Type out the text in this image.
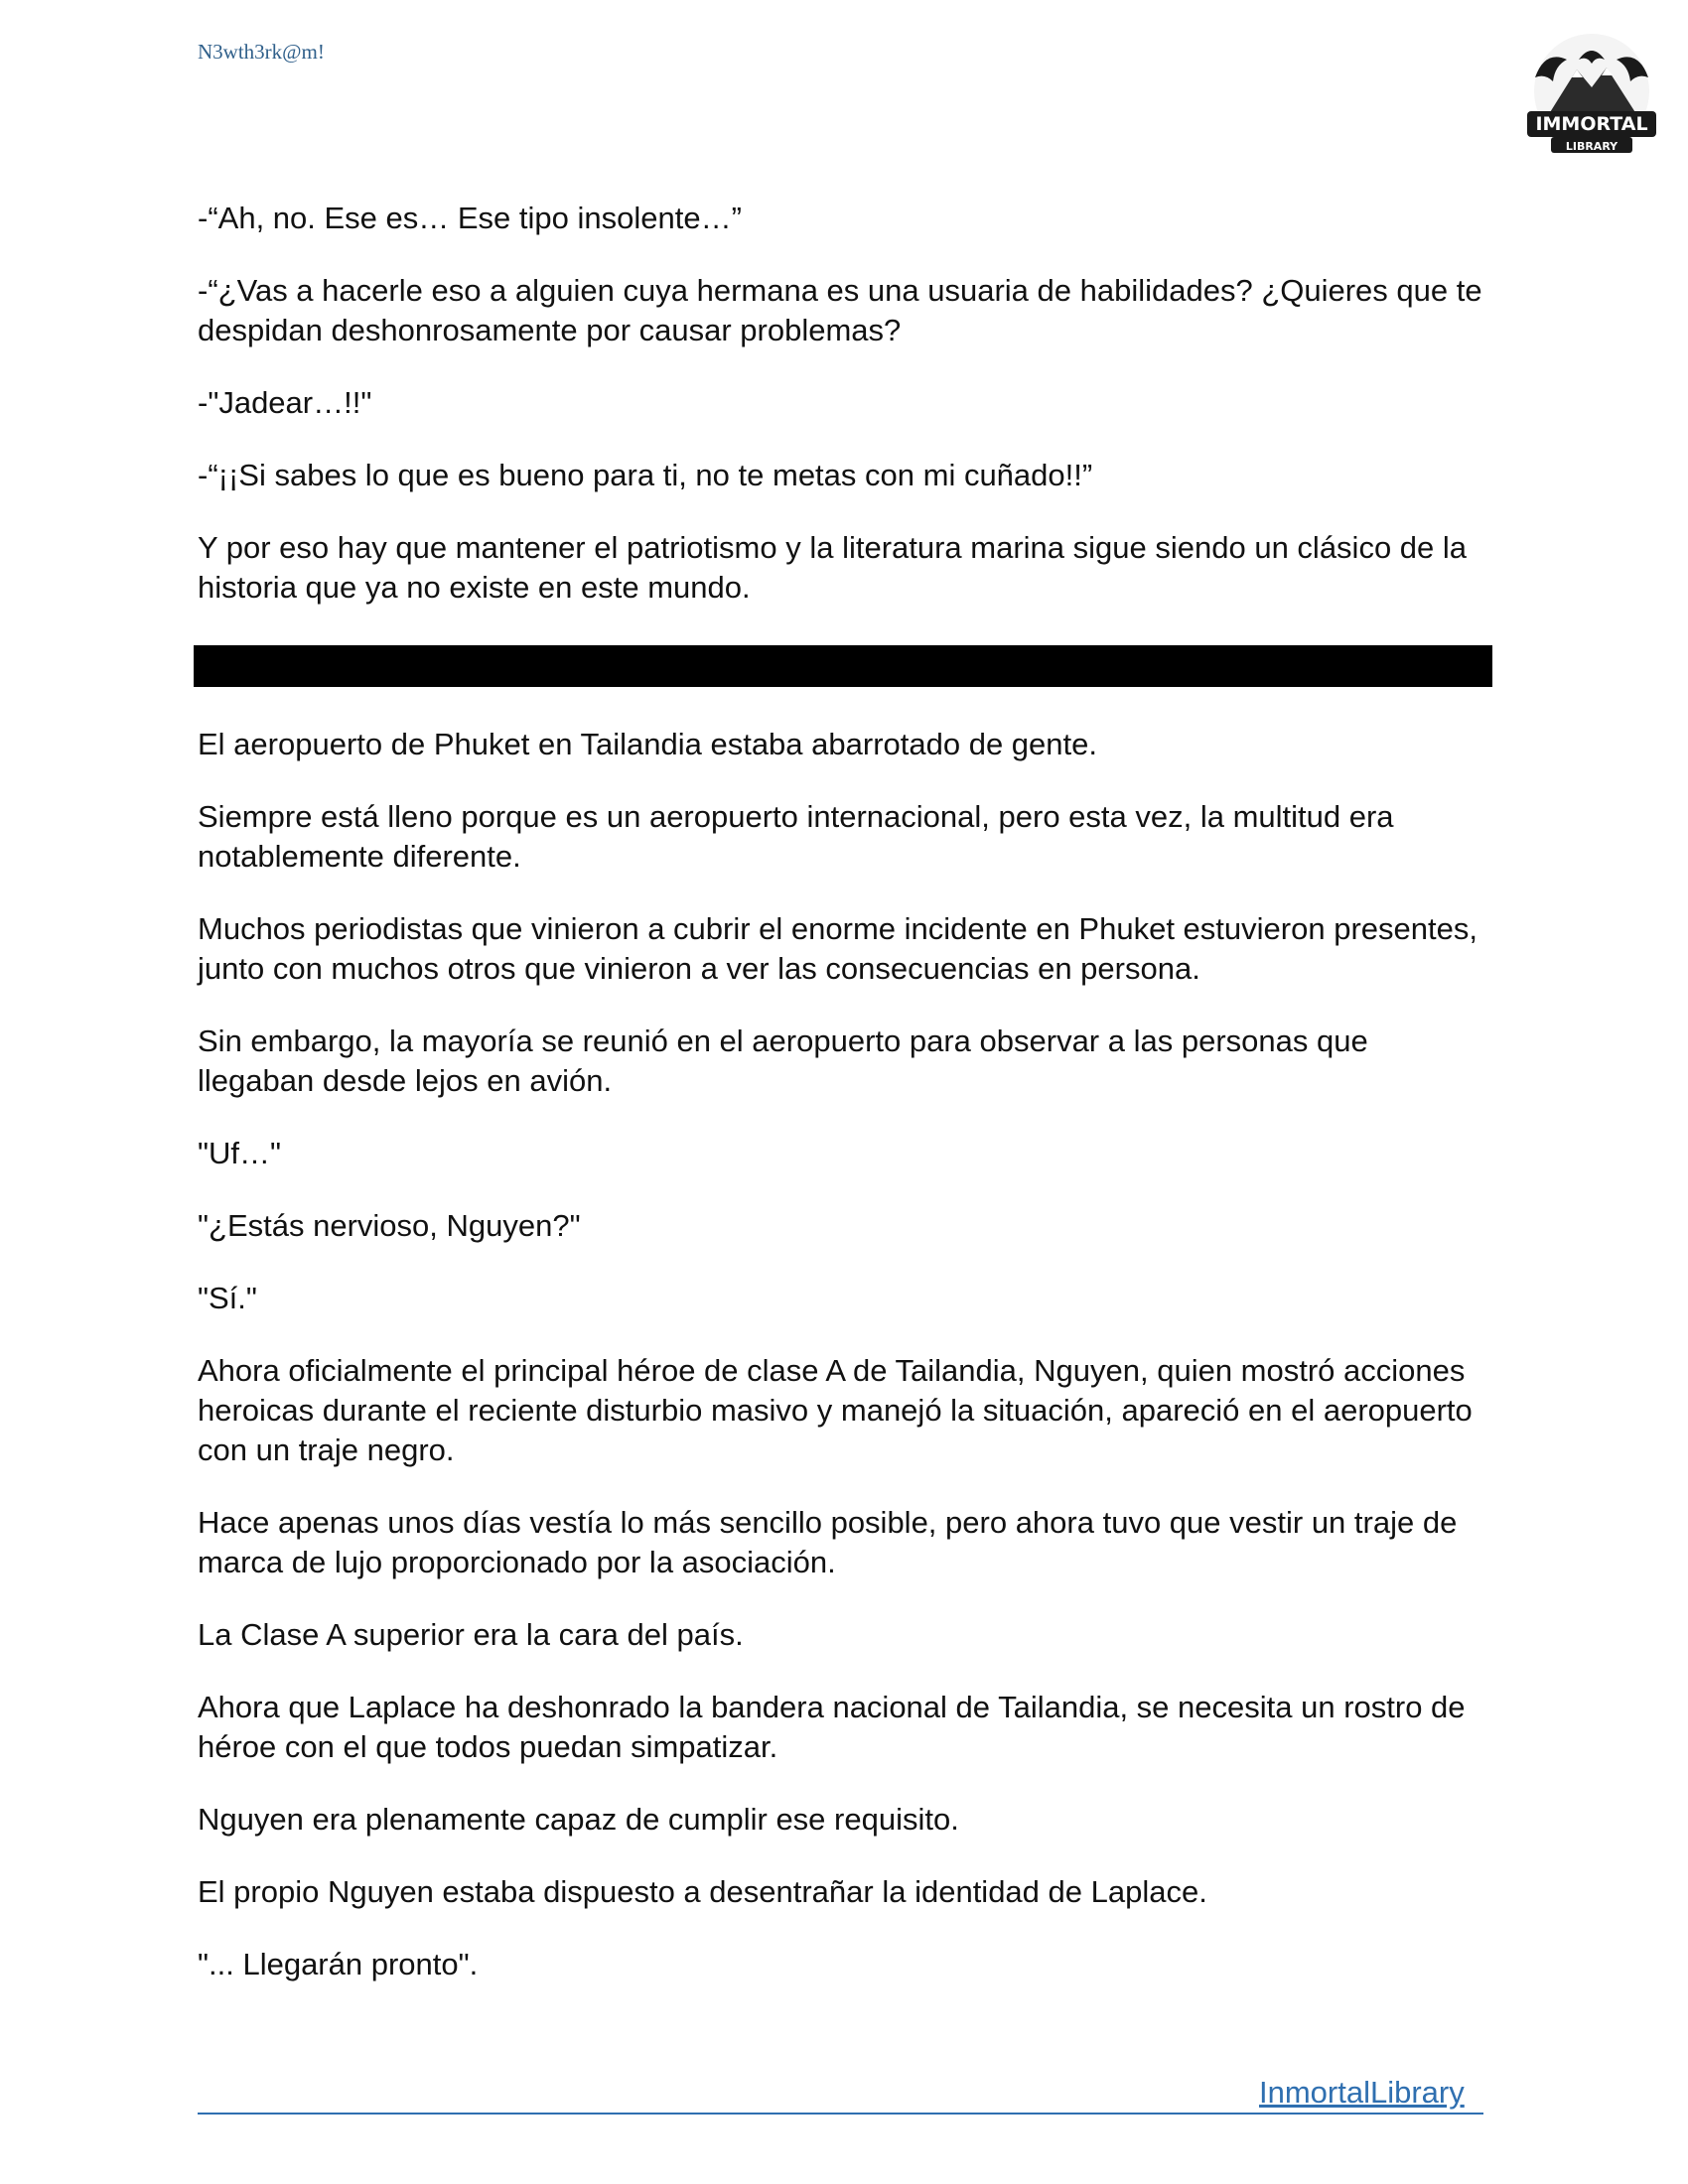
N3wth3rk@m!
IMMORTAL
LIBRARY

-“Ah, no. Ese es… Ese tipo insolente…”

-“¿Vas a hacerle eso a alguien cuya hermana es una usuaria de habilidades? ¿Quieres que te despidan deshonrosamente por causar problemas?

-"Jadear…!!"

-“¡¡Si sabes lo que es bueno para ti, no te metas con mi cuñado!!”

Y por eso hay que mantener el patriotismo y la literatura marina sigue siendo un clásico de la historia que ya no existe en este mundo.

El aeropuerto de Phuket en Tailandia estaba abarrotado de gente.

Siempre está lleno porque es un aeropuerto internacional, pero esta vez, la multitud era notablemente diferente.

Muchos periodistas que vinieron a cubrir el enorme incidente en Phuket estuvieron presentes, junto con muchos otros que vinieron a ver las consecuencias en persona.

Sin embargo, la mayoría se reunió en el aeropuerto para observar a las personas que llegaban desde lejos en avión.

"Uf…"

"¿Estás nervioso, Nguyen?"

"Sí."

Ahora oficialmente el principal héroe de clase A de Tailandia, Nguyen, quien mostró acciones heroicas durante el reciente disturbio masivo y manejó la situación, apareció en el aeropuerto con un traje negro.

Hace apenas unos días vestía lo más sencillo posible, pero ahora tuvo que vestir un traje de marca de lujo proporcionado por la asociación.

La Clase A superior era la cara del país.

Ahora que Laplace ha deshonrado la bandera nacional de Tailandia, se necesita un rostro de héroe con el que todos puedan simpatizar.

Nguyen era plenamente capaz de cumplir ese requisito.

El propio Nguyen estaba dispuesto a desentrañar la identidad de Laplace.

"... Llegarán pronto".

InmortalLibrary
